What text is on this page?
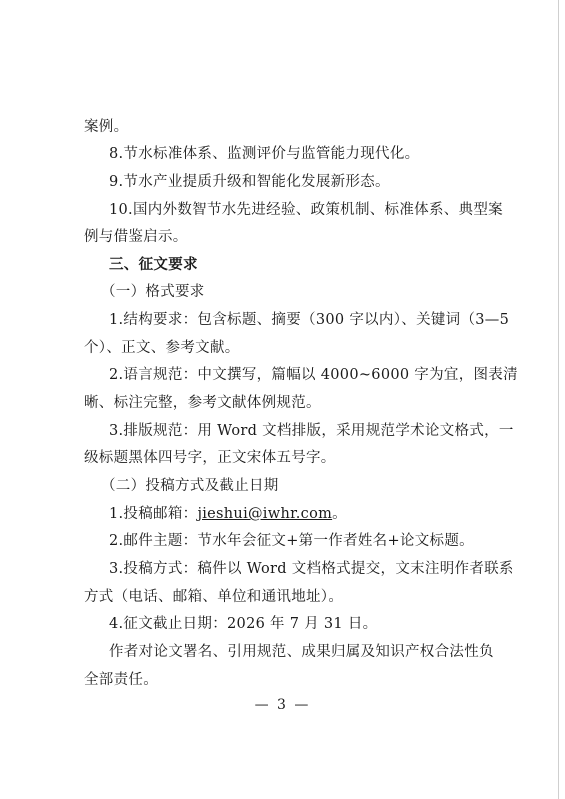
案例。
8.节水标准体系、监测评价与监管能力现代化。
9.节水产业提质升级和智能化发展新形态。
10.国内外数智节水先进经验、政策机制、标准体系、典型案
例与借鉴启示。
三、征文要求
（一）格式要求
1.结构要求：包含标题、摘要（300 字以内）、关键词（3—5
个）、正文、参考文献。
2.语言规范：中文撰写，篇幅以 4000~6000 字为宜，图表清
晰、标注完整，参考文献体例规范。
3.排版规范：用 Word 文档排版，采用规范学术论文格式，一
级标题黑体四号字，正文宋体五号字。
（二）投稿方式及截止日期
1.投稿邮箱：jieshui@iwhr.com。
2.邮件主题：节水年会征文+第一作者姓名+论文标题。
3.投稿方式：稿件以 Word 文档格式提交，文末注明作者联系
方式（电话、邮箱、单位和通讯地址）。
4.征文截止日期：2026 年 7 月 31 日。
作者对论文署名、引用规范、成果归属及知识产权合法性负
全部责任。
— 3 —
